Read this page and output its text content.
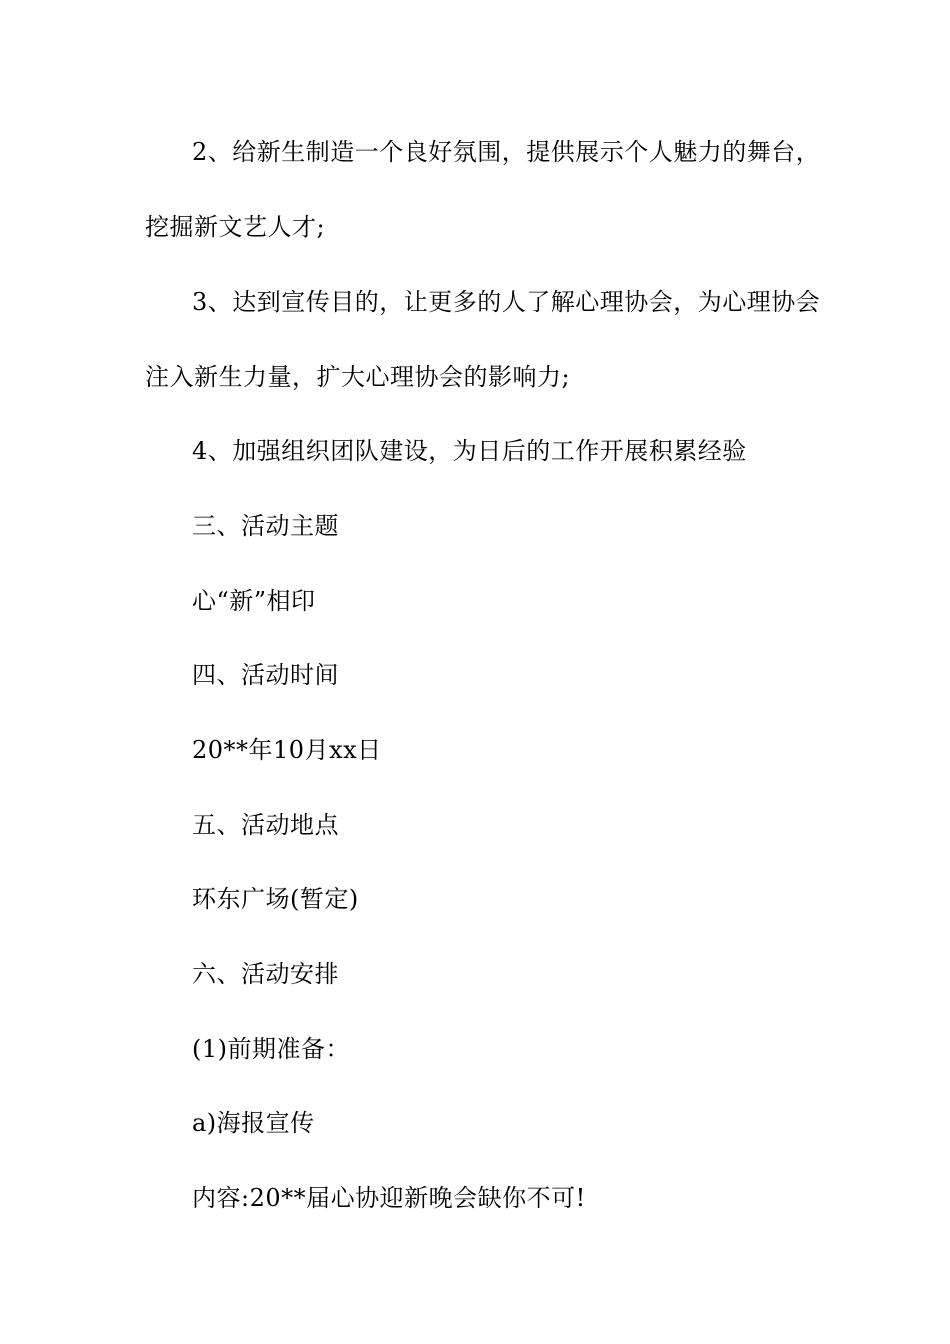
2、给新生制造一个良好氛围，提供展示个人魅力的舞台，
挖掘新文艺人才;
3、达到宣传目的，让更多的人了解心理协会，为心理协会
注入新生力量，扩大心理协会的影响力;
4、加强组织团队建设，为日后的工作开展积累经验
三、活动主题
心“新”相印
四、活动时间
20**年10月xx日
五、活动地点
环东广场(暂定)
六、活动安排
(1)前期准备：
a)海报宣传
内容:20**届心协迎新晚会缺你不可!
